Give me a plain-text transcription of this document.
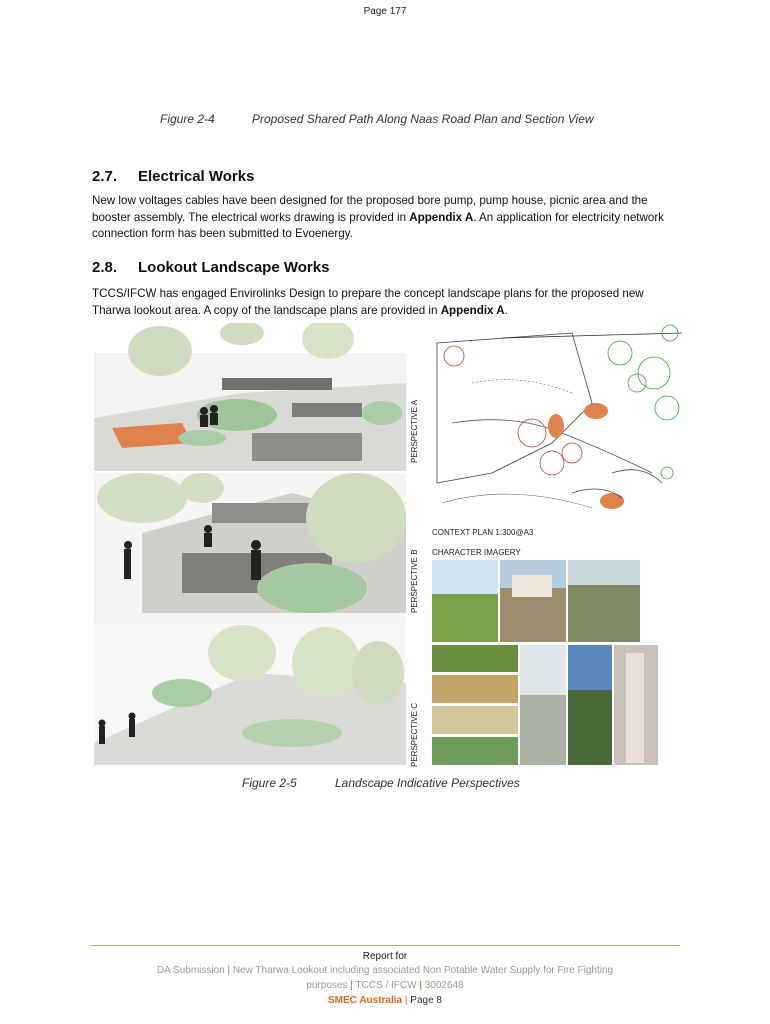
Page 177
Figure 2-4	Proposed Shared Path Along Naas Road Plan and Section View
2.7. Electrical Works
New low voltages cables have been designed for the proposed bore pump, pump house, picnic area and the booster assembly. The electrical works drawing is provided in Appendix A. An application for electricity network connection form has been submitted to Evoenergy.
2.8. Lookout Landscape Works
TCCS/IFCW has engaged Envirolinks Design to prepare the concept landscape plans for the proposed new Tharwa lookout area. A copy of the landscape plans are provided in Appendix A.
PERSPECTIVE A
PERSPECTIVE B
PERSPECTIVE C
CONTEXT PLAN 1:300@A3
CHARACTER IMAGERY
Figure 2-5	Landscape Indicative Perspectives
Report for
DA Submission | New Tharwa Lookout including associated Non Potable Water Supply for Fire Fighting
purposes | TCCS / IFCW | 3002648
SMEC Australia | Page 8
